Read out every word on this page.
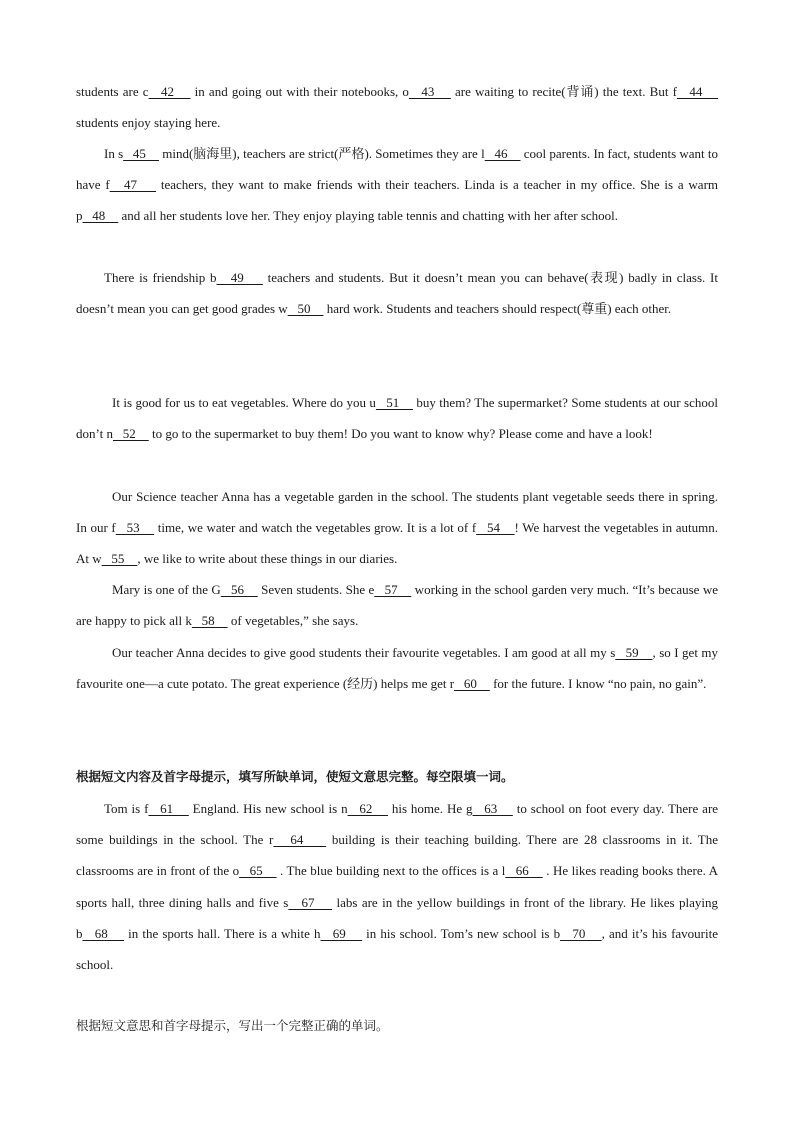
students are c   42     in and going out with their notebooks, o   43     are waiting to recite(背诵) the text. But f   44     students enjoy staying here.
In s   45     mind(脑海里), teachers are strict(严格). Sometimes they are l   46     cool parents. In fact, students want to have f   47     teachers, they want to make friends with their teachers. Linda is a teacher in my office. She is a warm p   48     and all her students love her. They enjoy playing table tennis and chatting with her after school.
There is friendship b   49     teachers and students. But it doesn’t mean you can behave(表现) badly in class. It doesn’t mean you can get good grades w   50     hard work. Students and teachers should respect(尊重) each other.
It is good for us to eat vegetables. Where do you u   51     buy them? The supermarket? Some students at our school don’t n   52     to go to the supermarket to buy them! Do you want to know why? Please come and have a look!
Our Science teacher Anna has a vegetable garden in the school. The students plant vegetable seeds there in spring. In our f   53     time, we water and watch the vegetables grow. It is a lot of f   54    ! We harvest the vegetables in autumn. At w   55    , we like to write about these things in our diaries.
Mary is one of the G   56     Seven students. She e   57     working in the school garden very much. “It’s because we are happy to pick all k   58     of vegetables,” she says.
Our teacher Anna decides to give good students their favourite vegetables. I am good at all my s   59    , so I get my favourite one—a cute potato. The great experience (经历) helps me get r   60     for the future. I know “no pain, no gain”.
根据短文内容及首字母提示，填写所缺单词，使短文意思完整。每空限填一词。
Tom is f   61     England. His new school is n   62     his home. He g   63     to school on foot every day. There are some buildings in the school. The r   64     building is their teaching building. There are 28 classrooms in it. The classrooms are in front of the o   65     . The blue building next to the offices is a l   66     . He likes reading books there. A sports hall, three dining halls and five s   67     labs are in the yellow buildings in front of the library. He likes playing b   68     in the sports hall. There is a white h   69     in his school. Tom’s new school is b   70    , and it’s his favourite school.
根据短文意思和首字母提示，写出一个完整正确的单词。
